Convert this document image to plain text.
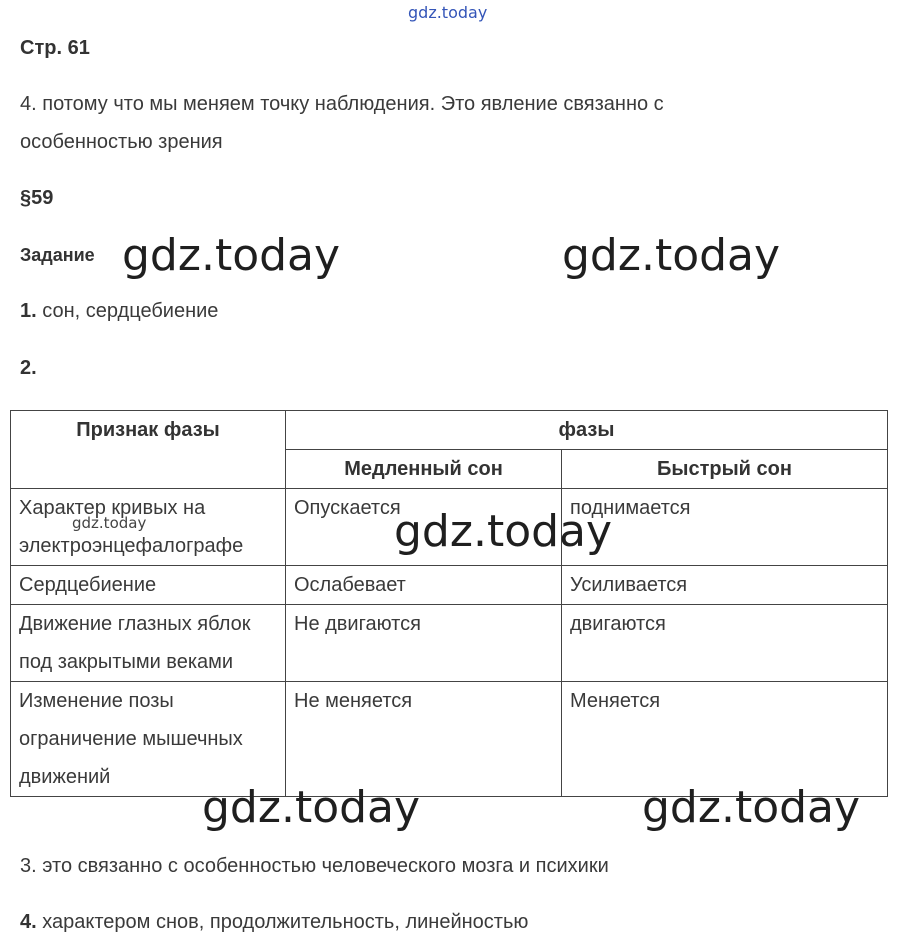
gdz.today
Стр. 61
4. потому что мы меняем точку наблюдения. Это явление связанно с
особенностью зрения
§59
Задание gdz.today	gdz.today
1. сон, сердцебиение
2.
Признак фазы	фазы	
	Медленный сон	Быстрый сон

Характер кривых на
электроэнцефалографе	Опускается	поднимается
Сердцебиение	Ослабевает	Усиливается

Движение глазных яблок
под закрытыми веками	Не двигаются	двигаются

Изменение позы
ограничение мышечных
движений	Не меняется	Меняется
gdz.today	gdz.today
gdz.today	gdz.today
3. это связанно с особенностью человеческого мозга и психики
4. характером снов, продолжительность, линейностью
